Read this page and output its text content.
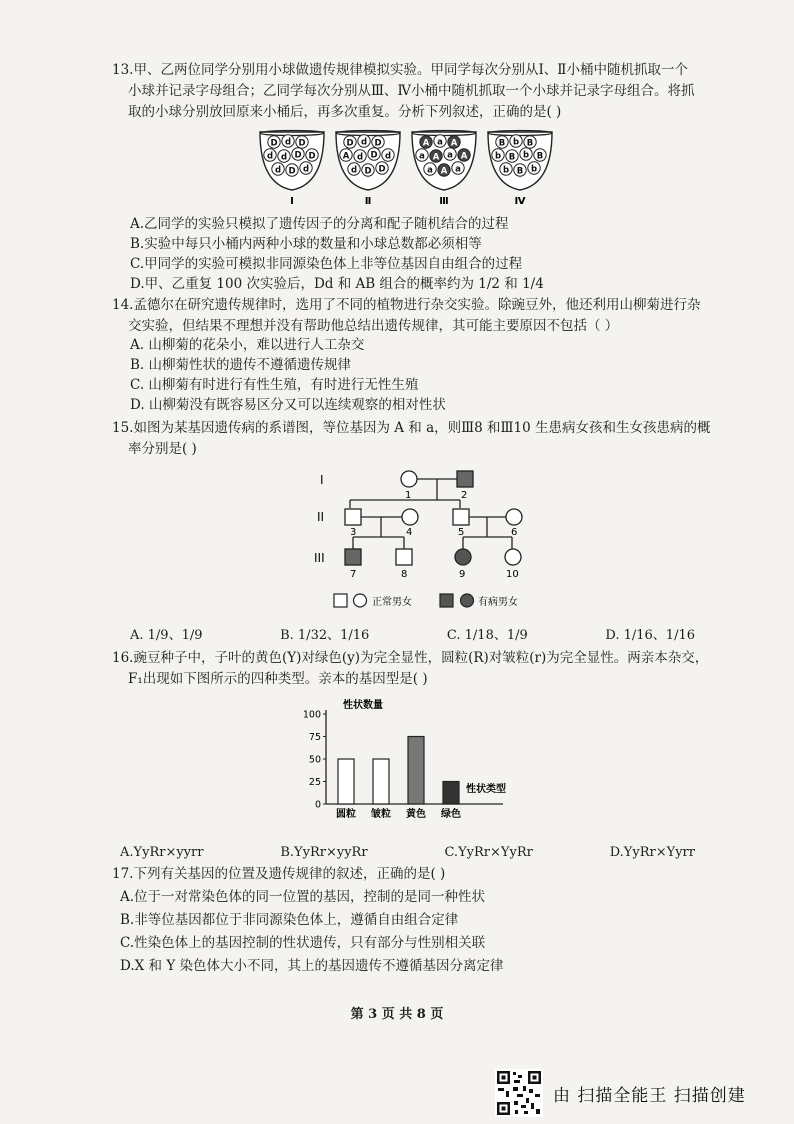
13.甲、乙两位同学分别用小球做遗传规律模拟实验。甲同学每次分别从Ⅰ、Ⅱ小桶中随机抓取一个

小球并记录字母组合；乙同学每次分别从Ⅲ、Ⅳ小桶中随机抓取一个小球并记录字母组合。将抓

取的小球分别放回原来小桶后，再多次重复。分析下列叙述，正确的是( )

D d D
d d D D
d D d
Ⅰ
D d D
A d D d
d D D
Ⅱ
A a A
a A a A
a A a
Ⅲ
B b B
b B b B
b B b
Ⅳ

A.乙同学的实验只模拟了遗传因子的分离和配子随机结合的过程

B.实验中每只小桶内两种小球的数量和小球总数都必须相等

C.甲同学的实验可模拟非同源染色体上非等位基因自由组合的过程

D.甲、乙重复 100 次实验后，Dd 和 AB 组合的概率约为 1/2 和 1/4

14.孟德尔在研究遗传规律时，选用了不同的植物进行杂交实验。除豌豆外，他还利用山柳菊进行杂

交实验，但结果不理想并没有帮助他总结出遗传规律，其可能主要原因不包括（ ）

A. 山柳菊的花朵小，难以进行人工杂交

B. 山柳菊性状的遗传不遵循遗传规律

C. 山柳菊有时进行有性生殖，有时进行无性生殖

D. 山柳菊没有既容易区分又可以连续观察的相对性状

15.如图为某基因遗传病的系谱图，等位基因为 A 和 a，则Ⅲ8 和Ⅲ10 生患病女孩和生女孩患病的概

率分别是( )

I
II
III
1	2
3	4	5	6
7	8	9	10
正常男女	有病男女
A. 1/9、1/9	B. 1/32、1/16	C. 1/18、1/9	D. 1/16、1/16

16.豌豆种子中，子叶的黄色(Y)对绿色(y)为完全显性，圆粒(R)对皱粒(r)为完全显性。两亲本杂交，

F₁出现如下图所示的四种类型。亲本的基因型是( )

性状数量
性状类型
0
25
50
75
100
圆粒 皱粒 黄色 绿色
A.YyRr×yyrr	B.YyRr×yyRr	C.YyRr×YyRr	D.YyRr×Yyrr

17.下列有关基因的位置及遗传规律的叙述，正确的是( )

A.位于一对常染色体的同一位置的基因，控制的是同一种性状

B.非等位基因都位于非同源染色体上，遵循自由组合定律

C.性染色体上的基因控制的性状遗传，只有部分与性别相关联

D.X 和 Y 染色体大小不同，其上的基因遗传不遵循基因分离定律

第 3 页 共 8 页
由 扫描全能王 扫描创建
